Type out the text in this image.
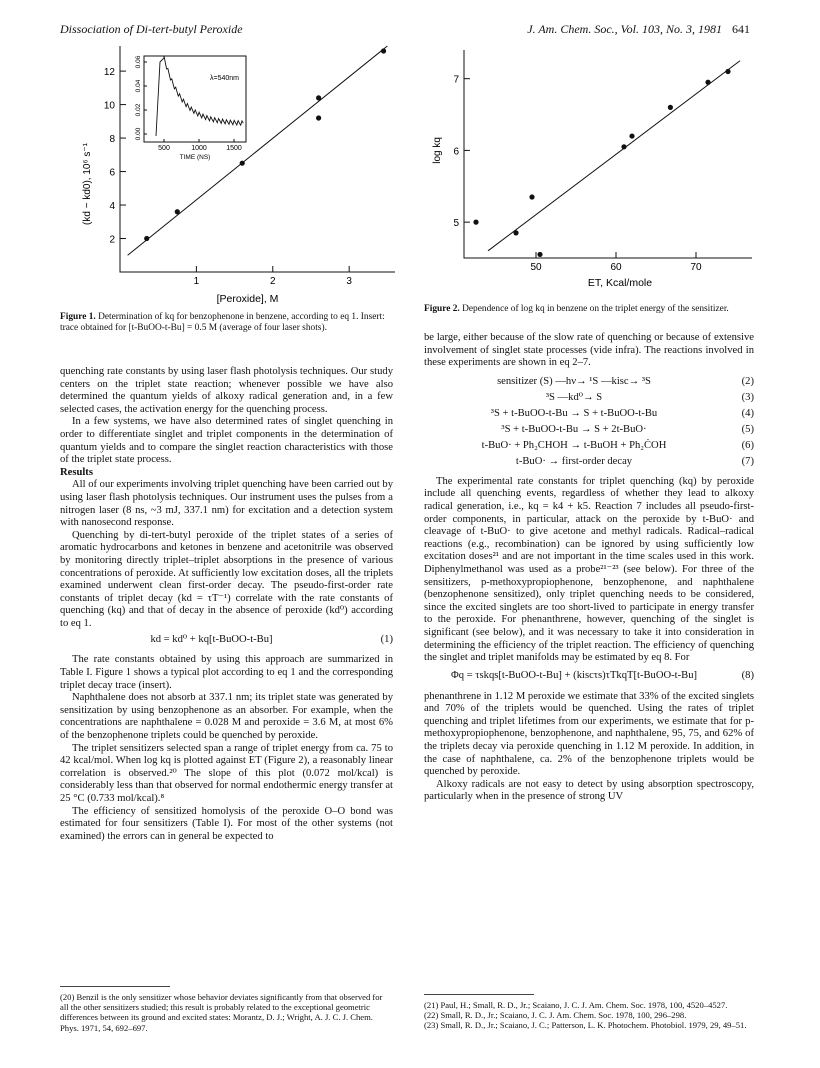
Dissociation of Di-tert-butyl Peroxide	J. Am. Chem. Soc., Vol. 103, No. 3, 1981 641
2
4
6
8
10
12
1	2	3
(kd − kd0), 10⁶ s⁻¹
[Peroxide], M
λ=540nm
500	1000	1500
TIME (NS)
0.00
0.02
0.04
0.06
5
6
7
50	60	70
log kq
ET, Kcal/mole
Figure 1. Determination of kq for benzophenone in benzene, according to eq 1. Insert: trace obtained for [t-BuOO-t-Bu] = 0.5 M (average of four laser shots).

quenching rate constants by using laser flash photolysis techniques. Our study centers on the triplet state reaction; whenever possible we have also determined the quantum yields of alkoxy radical generation and, in a few selected cases, the activation energy for the quenching process.

In a few systems, we have also determined rates of singlet quenching in order to differentiate singlet and triplet components in the determination of quantum yields and to compare the singlet reaction characteristics with those of the triplet state process.

Results

All of our experiments involving triplet quenching have been carried out by using laser flash photolysis techniques. Our instrument uses the pulses from a nitrogen laser (8 ns, ~3 mJ, 337.1 nm) for excitation and a detection system with nanosecond response.

Quenching by di-tert-butyl peroxide of the triplet states of a series of aromatic hydrocarbons and ketones in benzene and acetonitrile was observed by monitoring directly triplet–triplet absorptions in the presence of various concentrations of peroxide. At sufficiently low excitation doses, all the triplets examined underwent clean first-order decay. The pseudo-first-order rate constants of triplet decay (kd = τT⁻¹) correlate with the rate constants of quenching (kq) and that of decay in the absence of peroxide (kd⁰) according to eq 1.

kd = kd⁰ + kq[t-BuOO-t-Bu]	(1)

The rate constants obtained by using this approach are summarized in Table I. Figure 1 shows a typical plot according to eq 1 and the corresponding triplet decay trace (insert).

Naphthalene does not absorb at 337.1 nm; its triplet state was generated by sensitization by using benzophenone as an absorber. For example, when the concentrations are naphthalene = 0.028 M and peroxide = 3.6 M, at most 6% of the benzophenone triplets could be quenched by peroxide.

The triplet sensitizers selected span a range of triplet energy from ca. 75 to 42 kcal/mol. When log kq is plotted against ET (Figure 2), a reasonably linear correlation is observed.²⁰ The slope of this plot (0.072 mol/kcal) is considerably less than that observed for normal endothermic energy transfer at 25 °C (0.733 mol/kcal).⁸

The efficiency of sensitized homolysis of the peroxide O–O bond was estimated for four sensitizers (Table I). For most of the other systems (not examined) the errors can in general be expected to

(20) Benzil is the only sensitizer whose behavior deviates significantly from that observed for all the other sensitizers studied; this result is probably related to the exceptional geometric differences between its ground and excited states: Morantz, D. J.; Wright, A. J. C. J. Chem. Phys. 1971, 54, 692–697.
Figure 2. Dependence of log kq in benzene on the triplet energy of the sensitizer.

be large, either because of the slow rate of quenching or because of extensive involvement of singlet state processes (vide infra). The reactions involved in these experiments are shown in eq 2–7.

sensitizer (S) —hν→ ¹S —kisc→ ³S	(2)
³S —kd⁰→ S	(3)
³S + t-BuOO-t-Bu → S + t-BuOO-t-Bu	(4)
³S + t-BuOO-t-Bu → S + 2t-BuO·	(5)
t-BuO· + Ph₂CHOH → t-BuOH + Ph₂ĊOH	(6)
t-BuO· → first-order decay	(7)

The experimental rate constants for triplet quenching (kq) by peroxide include all quenching events, regardless of whether they lead to alkoxy radical generation, i.e., kq = k4 + k5. Reaction 7 includes all pseudo-first-order components, in particular, attack on the peroxide by t-BuO· and cleavage of t-BuO· to give acetone and methyl radicals. Radical–radical reactions (e.g., recombination) can be ignored by using sufficiently low excitation doses²¹ and are not important in the time scales used in this work. Diphenylmethanol was used as a probe²¹⁻²³ (see below). For three of the sensitizers, p-methoxypropiophenone, benzophenone, and naphthalene (benzophenone sensitized), only triplet quenching needs to be considered, since the excited singlets are too short-lived to participate in energy transfer to the peroxide. For phenanthrene, however, quenching of the singlet is significant (see below), and it was necessary to take it into consideration in determining the efficiency of the triplet reaction. The efficiency of quenching the singlet and triplet manifolds may be estimated by eq 8. For

Φq = τskqs[t-BuOO-t-Bu] + (kiscτs)τTkqT[t-BuOO-t-Bu]	(8)

phenanthrene in 1.12 M peroxide we estimate that 33% of the excited singlets and 70% of the triplets would be quenched. Using the rates of triplet quenching and triplet lifetimes from our experiments, we estimate that for p-methoxypropiophenone, benzophenone, and naphthalene, 95, 75, and 62% of the triplets decay via peroxide quenching in 1.12 M peroxide. In addition, in the case of naphthalene, ca. 2% of the benzophenone triplets would be quenched by peroxide.

Alkoxy radicals are not easy to detect by using absorption spectroscopy, particularly when in the presence of strong UV

(21) Paul, H.; Small, R. D., Jr.; Scaiano, J. C. J. Am. Chem. Soc. 1978, 100, 4520–4527.
(22) Small, R. D., Jr.; Scaiano, J. C. J. Am. Chem. Soc. 1978, 100, 296–298.
(23) Small, R. D., Jr.; Scaiano, J. C.; Patterson, L. K. Photochem. Photobiol. 1979, 29, 49–51.
